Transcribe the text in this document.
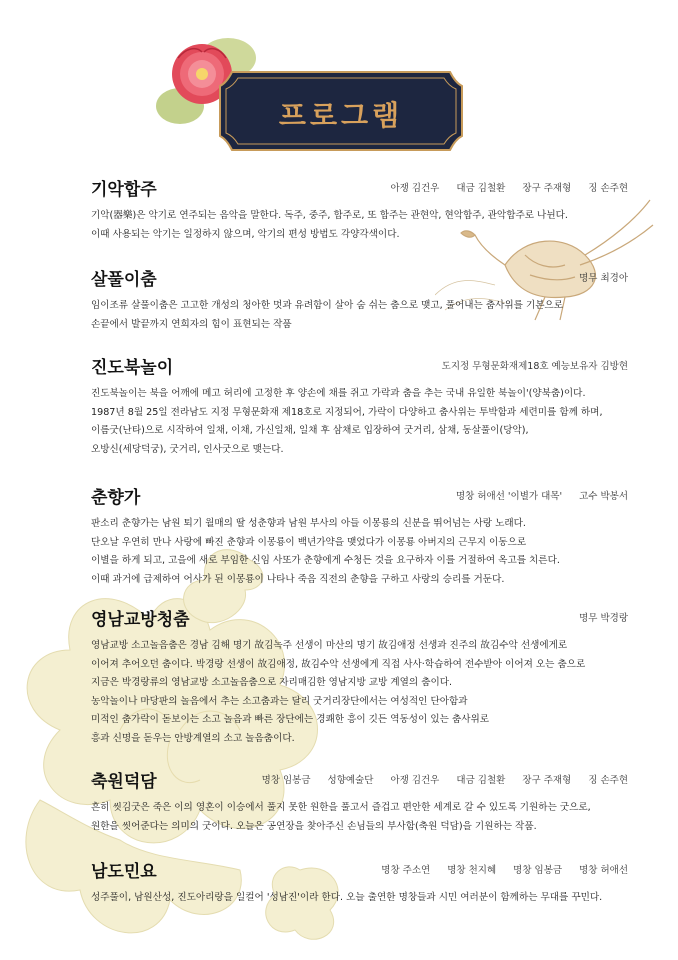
프로그램
기악합주	아쟁 김건우 대금 김철환 장구 주재형 징 손주현
기악(器樂)은 악기로 연주되는 음악을 말한다. 독주, 중주, 합주로, 또 합주는 관현악, 현악합주, 관악합주로 나뉜다.
이때 사용되는 악기는 일정하지 않으며, 악기의 편성 방법도 각양각색이다.
살풀이춤	명무 최경아
임이조류 살풀이춤은 고고한 개성의 청아한 멋과 유려함이 살아 숨 쉬는 춤으로 맺고, 풀어내는 춤사위를 기본으로
손끝에서 발끝까지 연희자의 힘이 표현되는 작품
진도북놀이	도지정 무형문화재제18호 예능보유자 김방현
진도북놀이는 북을 어깨에 메고 허리에 고정한 후 양손에 채를 쥐고 가락과 춤을 추는 국내 유일한 북놀이'(양북춤)이다.
1987년 8월 25일 전라남도 지정 무형문화재 제18호로 지정되어, 가락이 다양하고 춤사위는 투박함과 세련미를 함께 하며,
이름굿(난타)으로 시작하여 일채, 이채, 가신일채, 일채 후 삼채로 입장하여 굿거리, 삼채, 동살풀이(당악),
오방신(세당덕궁), 굿거리, 인사굿으로 맺는다.
춘향가	명창 허애선 '이별가 대목' 고수 박봉서
판소리 춘향가는 남원 퇴기 월매의 딸 성춘향과 남원 부사의 아들 이몽룡의 신분을 뛰어넘는 사랑 노래다.
단오날 우연히 만나 사랑에 빠진 춘향과 이몽룡이 백년가약을 맺었다가 이몽룡 아버지의 근무지 이동으로
이별을 하게 되고, 고을에 새로 부임한 신임 사또가 춘향에게 수청든 것을 요구하자 이를 거절하여 옥고를 치른다.
이때 과거에 급제하여 어사가 된 이몽룡이 나타나 죽음 직전의 춘향을 구하고 사랑의 승리를 거둔다.
영남교방청춤	명무 박경랑
영남교방 소고놀음춤은 경남 김해 명기 故김녹주 선생이 마산의 명기 故김애정 선생과 진주의 故김수악 선생에게로
이어져 추어오던 춤이다. 박경랑 선생이 故김애정, 故김수악 선생에게 직접 사사·학습하여 전수받아 이어져 오는 춤으로
지금은 박경랑류의 영남교방 소고놀음춤으로 자리매김한 영남지방 교방 계열의 춤이다.
농악놀이나 마당판의 놀음에서 추는 소고춤과는 달리 굿거리장단에서는 여성적인 단아함과
미적인 춤가락이 돋보이는 소고 놀음과 빠른 장단에는 경쾌한 흥이 깃든 역동성이 있는 춤사위로
흥과 신명을 돋우는 안방계열의 소고 놀음춤이다.
축원덕담	명창 임봉금 성향예술단 아쟁 김건우 대금 김철환 장구 주재형 징 손주현
흔히 씻김굿은 죽은 이의 영혼이 이승에서 풀지 못한 원한을 풀고서 즐겁고 편안한 세계로 갈 수 있도록 기원하는 굿으로,
원한을 씻어준다는 의미의 굿이다. 오늘은 공연장을 찾아주신 손님들의 부사함(축원 덕담)을 기원하는 작품.
남도민요	명창 주소연 명창 천지혜 명창 임봉금 명창 허애선
성주풀이, 남원산성, 진도아리랑을 일컬어 '성남진'이라 한다. 오늘 출연한 명창들과 시민 여러분이 함께하는 무대를 꾸민다.
